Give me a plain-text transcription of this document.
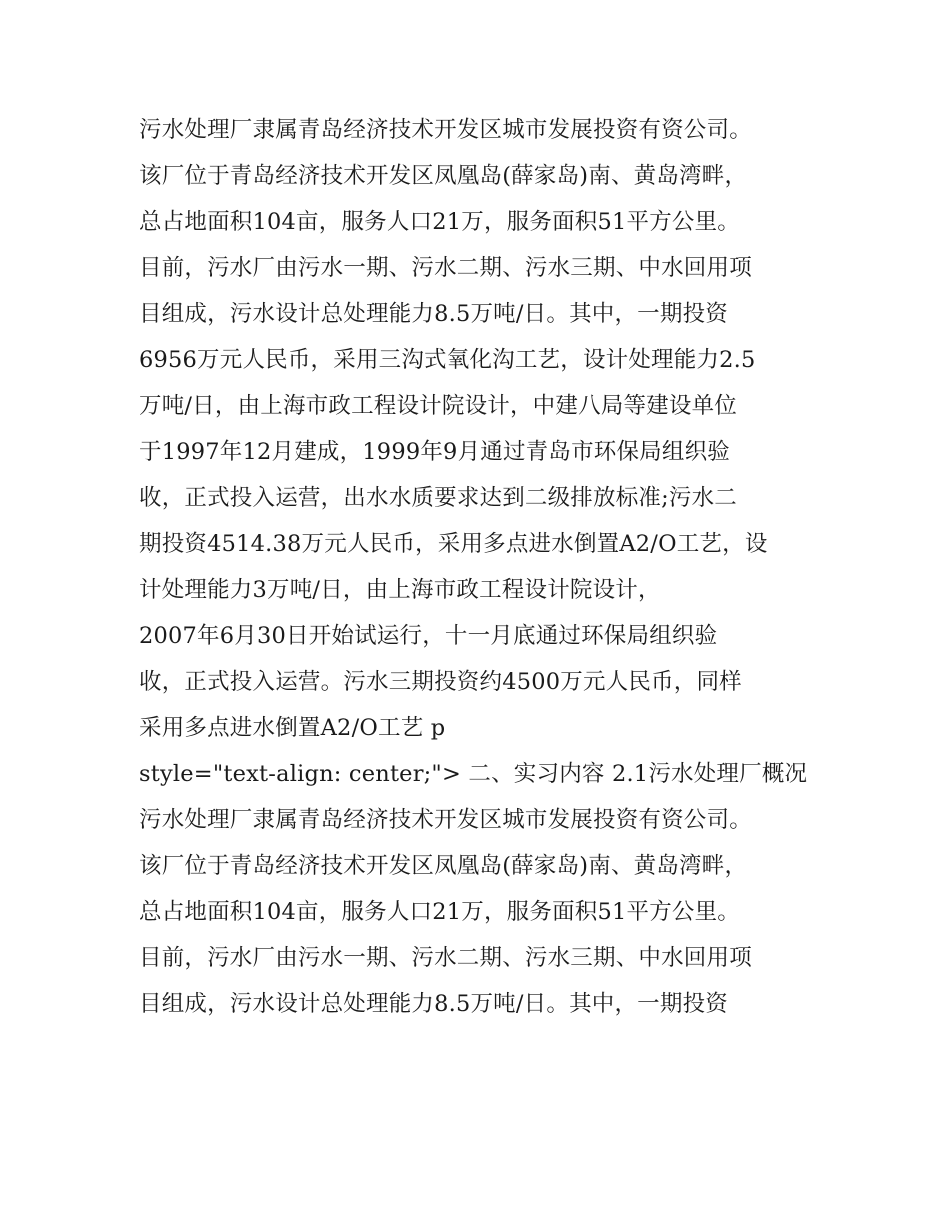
污水处理厂隶属青岛经济技术开发区城市发展投资有资公司。
该厂位于青岛经济技术开发区凤凰岛(薛家岛)南、黄岛湾畔，
总占地面积104亩，服务人口21万，服务面积51平方公里。
目前，污水厂由污水一期、污水二期、污水三期、中水回用项
目组成，污水设计总处理能力8.5万吨/日。其中，一期投资
6956万元人民币，采用三沟式氧化沟工艺，设计处理能力2.5
万吨/日，由上海市政工程设计院设计，中建八局等建设单位
于1997年12月建成，1999年9月通过青岛市环保局组织验
收，正式投入运营，出水水质要求达到二级排放标准;污水二
期投资4514.38万元人民币，采用多点进水倒置A2/O工艺，设
计处理能力3万吨/日，由上海市政工程设计院设计，
2007年6月30日开始试运行，十一月底通过环保局组织验
收，正式投入运营。污水三期投资约4500万元人民币，同样
采用多点进水倒置A2/O工艺 p
style="text-align: center;"> 二、实习内容 2.1污水处理厂概况
污水处理厂隶属青岛经济技术开发区城市发展投资有资公司。
该厂位于青岛经济技术开发区凤凰岛(薛家岛)南、黄岛湾畔，
总占地面积104亩，服务人口21万，服务面积51平方公里。
目前，污水厂由污水一期、污水二期、污水三期、中水回用项
目组成，污水设计总处理能力8.5万吨/日。其中，一期投资
